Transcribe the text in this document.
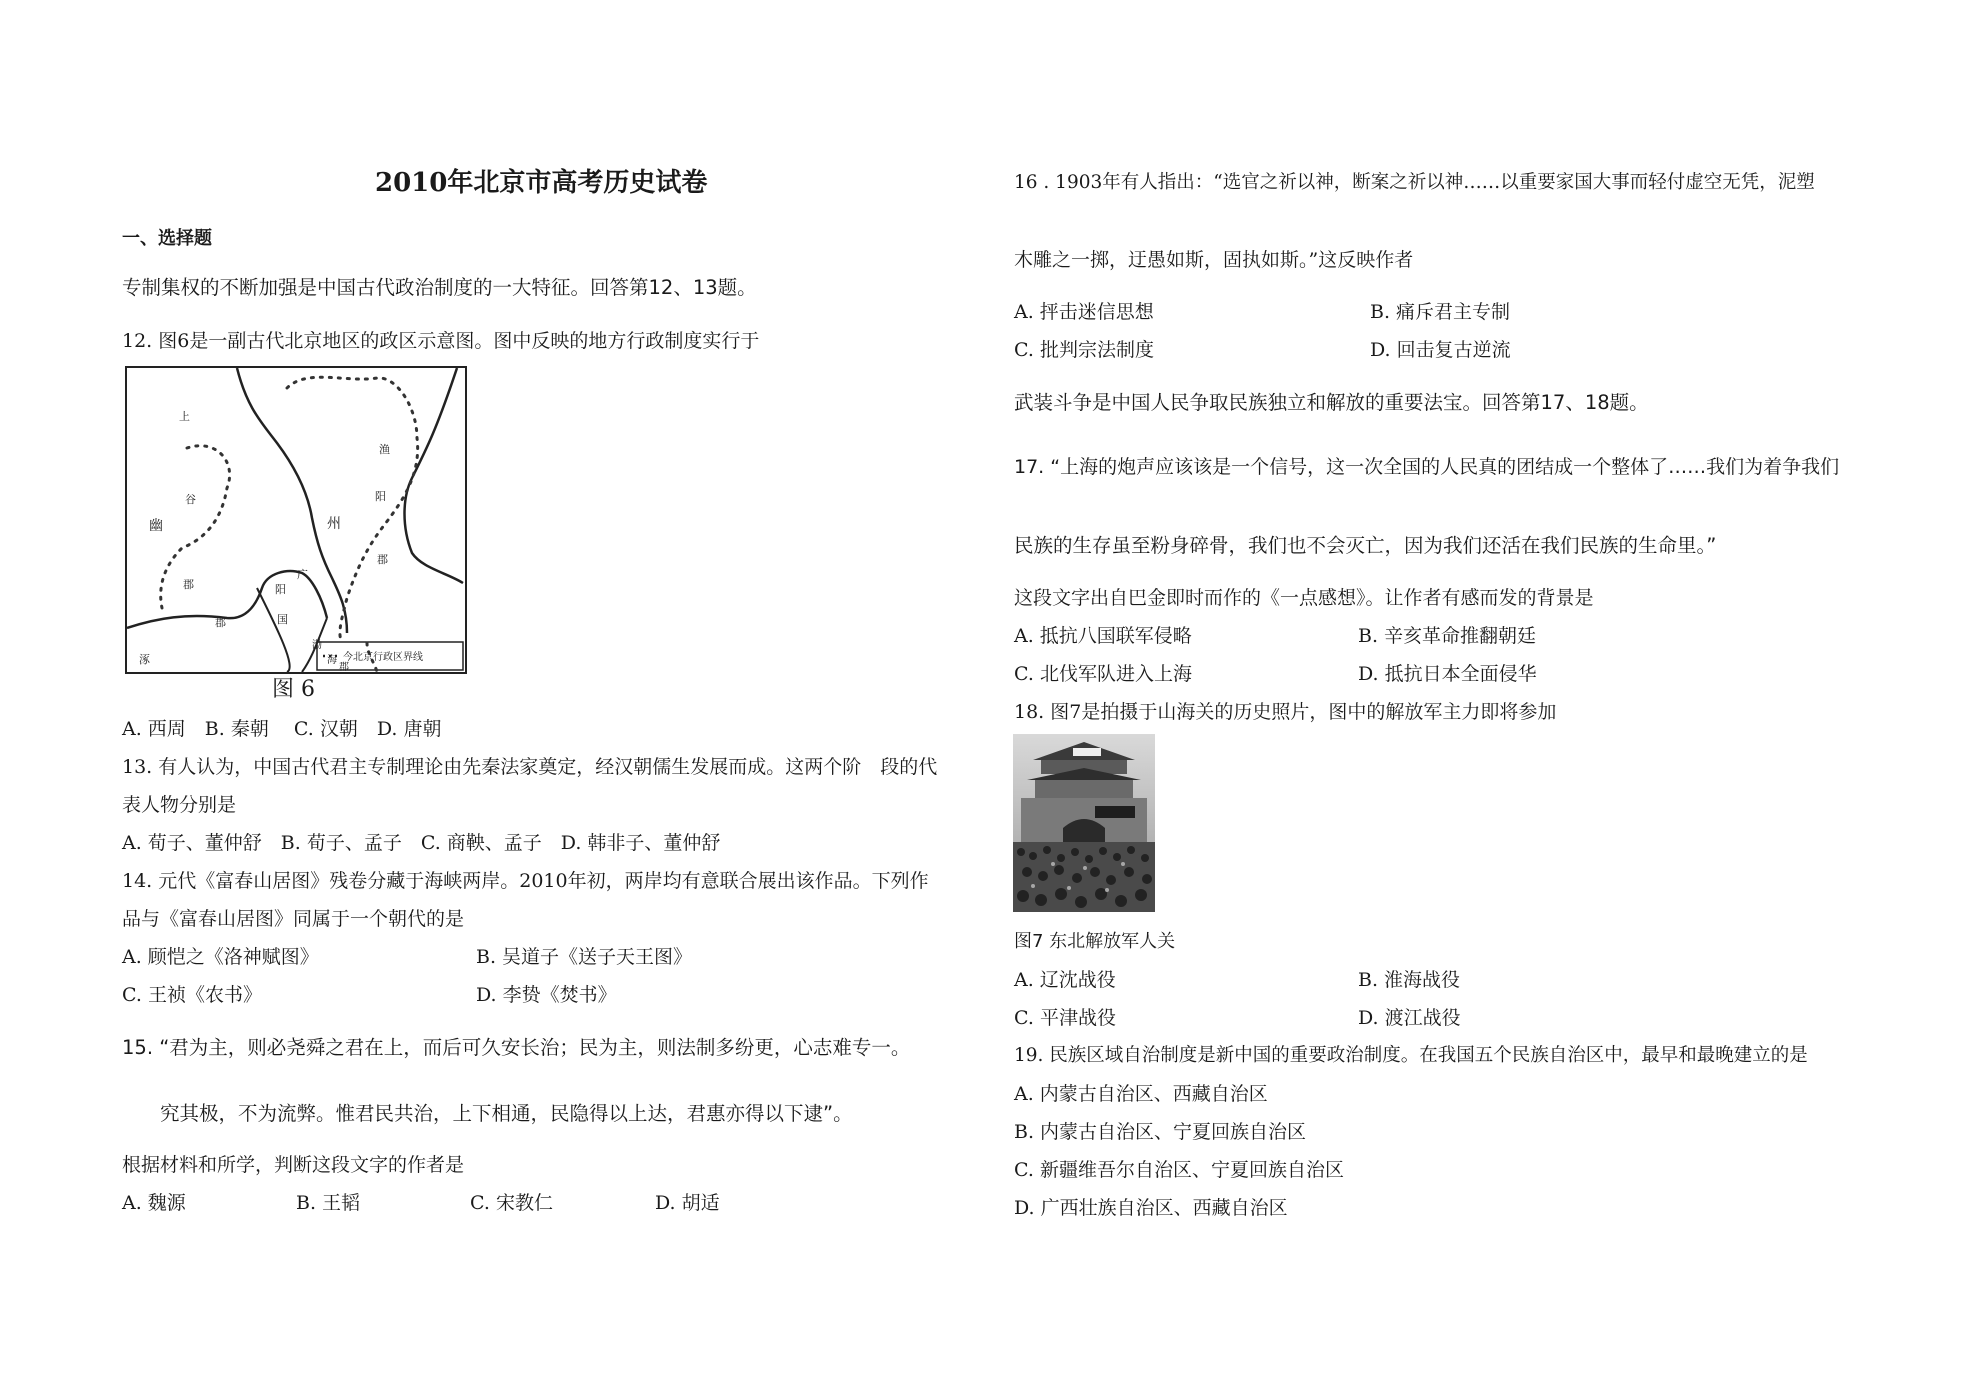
2010年北京市高考历史试卷
一、选择题
专制集权的不断加强是中国古代政治制度的一大特征。回答第12、13题。
12. 图6是一副古代北京地区的政区示意图。图中反映的地方行政制度实行于
上
谷
郡
幽	州
渔
阳
郡
广
阳
国
涿
郡
渤
海
郡
今北京行政区界线
图 6
A. 西周　B. 秦朝　 C. 汉朝　D. 唐朝
13. 有人认为，中国古代君主专制理论由先秦法家奠定，经汉朝儒生发展而成。这两个阶　段的代
表人物分别是
A. 荀子、董仲舒　B. 荀子、孟子　C. 商鞅、孟子　D. 韩非子、董仲舒
14. 元代《富春山居图》残卷分藏于海峡两岸。2010年初，两岸均有意联合展出该作品。下列作
品与《富春山居图》同属于一个朝代的是
A. 顾恺之《洛神赋图》	B. 吴道子《送子天王图》
C. 王祯《农书》	D. 李贽《焚书》
15. “君为主，则必尧舜之君在上，而后可久安长治；民为主，则法制多纷更，心志难专一。
究其极，不为流弊。惟君民共治，上下相通，民隐得以上达，君惠亦得以下逮”。
根据材料和所学，判断这段文字的作者是
A. 魏源	B. 王韬	C. 宋教仁	D. 胡适
16 . 1903年有人指出：“选官之祈以神，断案之祈以神……以重要家国大事而轻付虚空无凭，泥塑
木雕之一掷，迂愚如斯，固执如斯。”这反映作者
A. 抨击迷信思想	B. 痛斥君主专制
C. 批判宗法制度	D. 回击复古逆流
武装斗争是中国人民争取民族独立和解放的重要法宝。回答第17、18题。
17. “上海的炮声应该该是一个信号，这一次全国的人民真的团结成一个整体了……我们为着争我们
民族的生存虽至粉身碎骨，我们也不会灭亡，因为我们还活在我们民族的生命里。”
这段文字出自巴金即时而作的《一点感想》。让作者有感而发的背景是
A. 抵抗八国联军侵略	B. 辛亥革命推翻朝廷
C. 北伐军队进入上海	D. 抵抗日本全面侵华
18. 图7是拍摄于山海关的历史照片，图中的解放军主力即将参加
图7 东北解放军人关
A. 辽沈战役	B. 淮海战役
C. 平津战役	D. 渡江战役
19. 民族区域自治制度是新中国的重要政治制度。在我国五个民族自治区中，最早和最晚建立的是
A. 内蒙古自治区、西藏自治区
B. 内蒙古自治区、宁夏回族自治区
C. 新疆维吾尔自治区、宁夏回族自治区
D. 广西壮族自治区、西藏自治区
